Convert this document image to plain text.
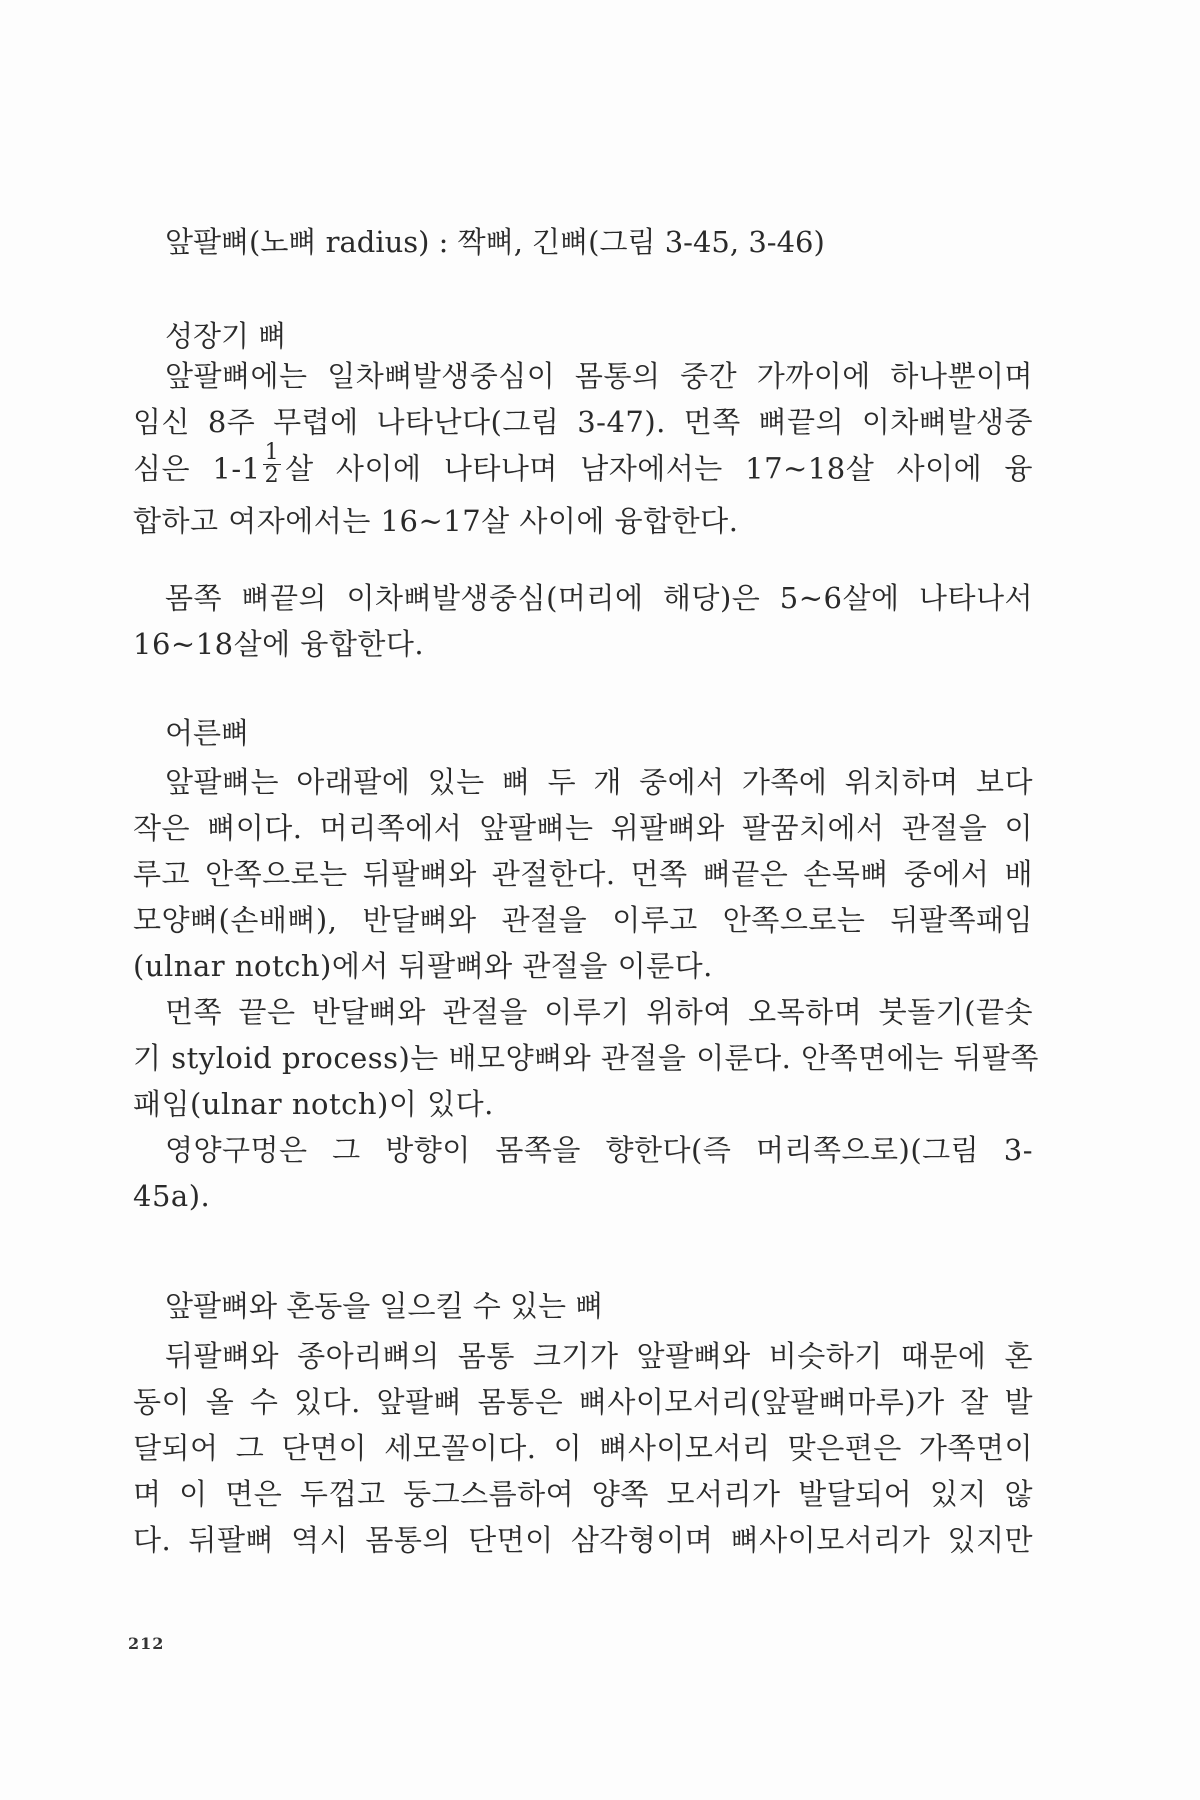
앞팔뼈(노뼈 radius) : 짝뼈, 긴뼈(그림 3-45, 3-46)
성장기 뼈
앞팔뼈에는 일차뼈발생중심이 몸통의 중간 가까이에 하나뿐이며
임신 8주 무렵에 나타난다(그림 3-47). 먼쪽 뼈끝의 이차뼈발생중
심은 $1-1 \frac{1}{2}$ 살 사이에 나타나며 남자에서는 17~18살 사이에 융
합하고 여자에서는 16~17살 사이에 융합한다.
몸쪽 뼈끝의 이차뼈발생중심(머리에 해당)은 5~6살에 나타나서
16~18살에 융합한다.
어른뼈
앞팔뼈는 아래팔에 있는 뼈 두 개 중에서 가쪽에 위치하며 보다
작은 뼈이다. 머리쪽에서 앞팔뼈는 위팔뼈와 팔꿈치에서 관절을 이
루고 안쪽으로는 뒤팔뼈와 관절한다. 먼쪽 뼈끝은 손목뼈 중에서 배
모양뼈(손배뼈), 반달뼈와 관절을 이루고 안쪽으로는 뒤팔쪽패임
(ulnar notch)에서 뒤팔뼈와 관절을 이룬다.
먼쪽 끝은 반달뼈와 관절을 이루기 위하여 오목하며 붓돌기(끝솟
기 styloid process)는 배모양뼈와 관절을 이룬다. 안쪽면에는 뒤팔쪽
패임(ulnar notch)이 있다.
영양구멍은 그 방향이 몸쪽을 향한다(즉 머리쪽으로)(그림 3-
45a).
앞팔뼈와 혼동을 일으킬 수 있는 뼈
뒤팔뼈와 종아리뼈의 몸통 크기가 앞팔뼈와 비슷하기 때문에 혼
동이 올 수 있다. 앞팔뼈 몸통은 뼈사이모서리(앞팔뼈마루)가 잘 발
달되어 그 단면이 세모꼴이다. 이 뼈사이모서리 맞은편은 가쪽면이
며 이 면은 두껍고 둥그스름하여 양쪽 모서리가 발달되어 있지 않
다. 뒤팔뼈 역시 몸통의 단면이 삼각형이며 뼈사이모서리가 있지만
212
